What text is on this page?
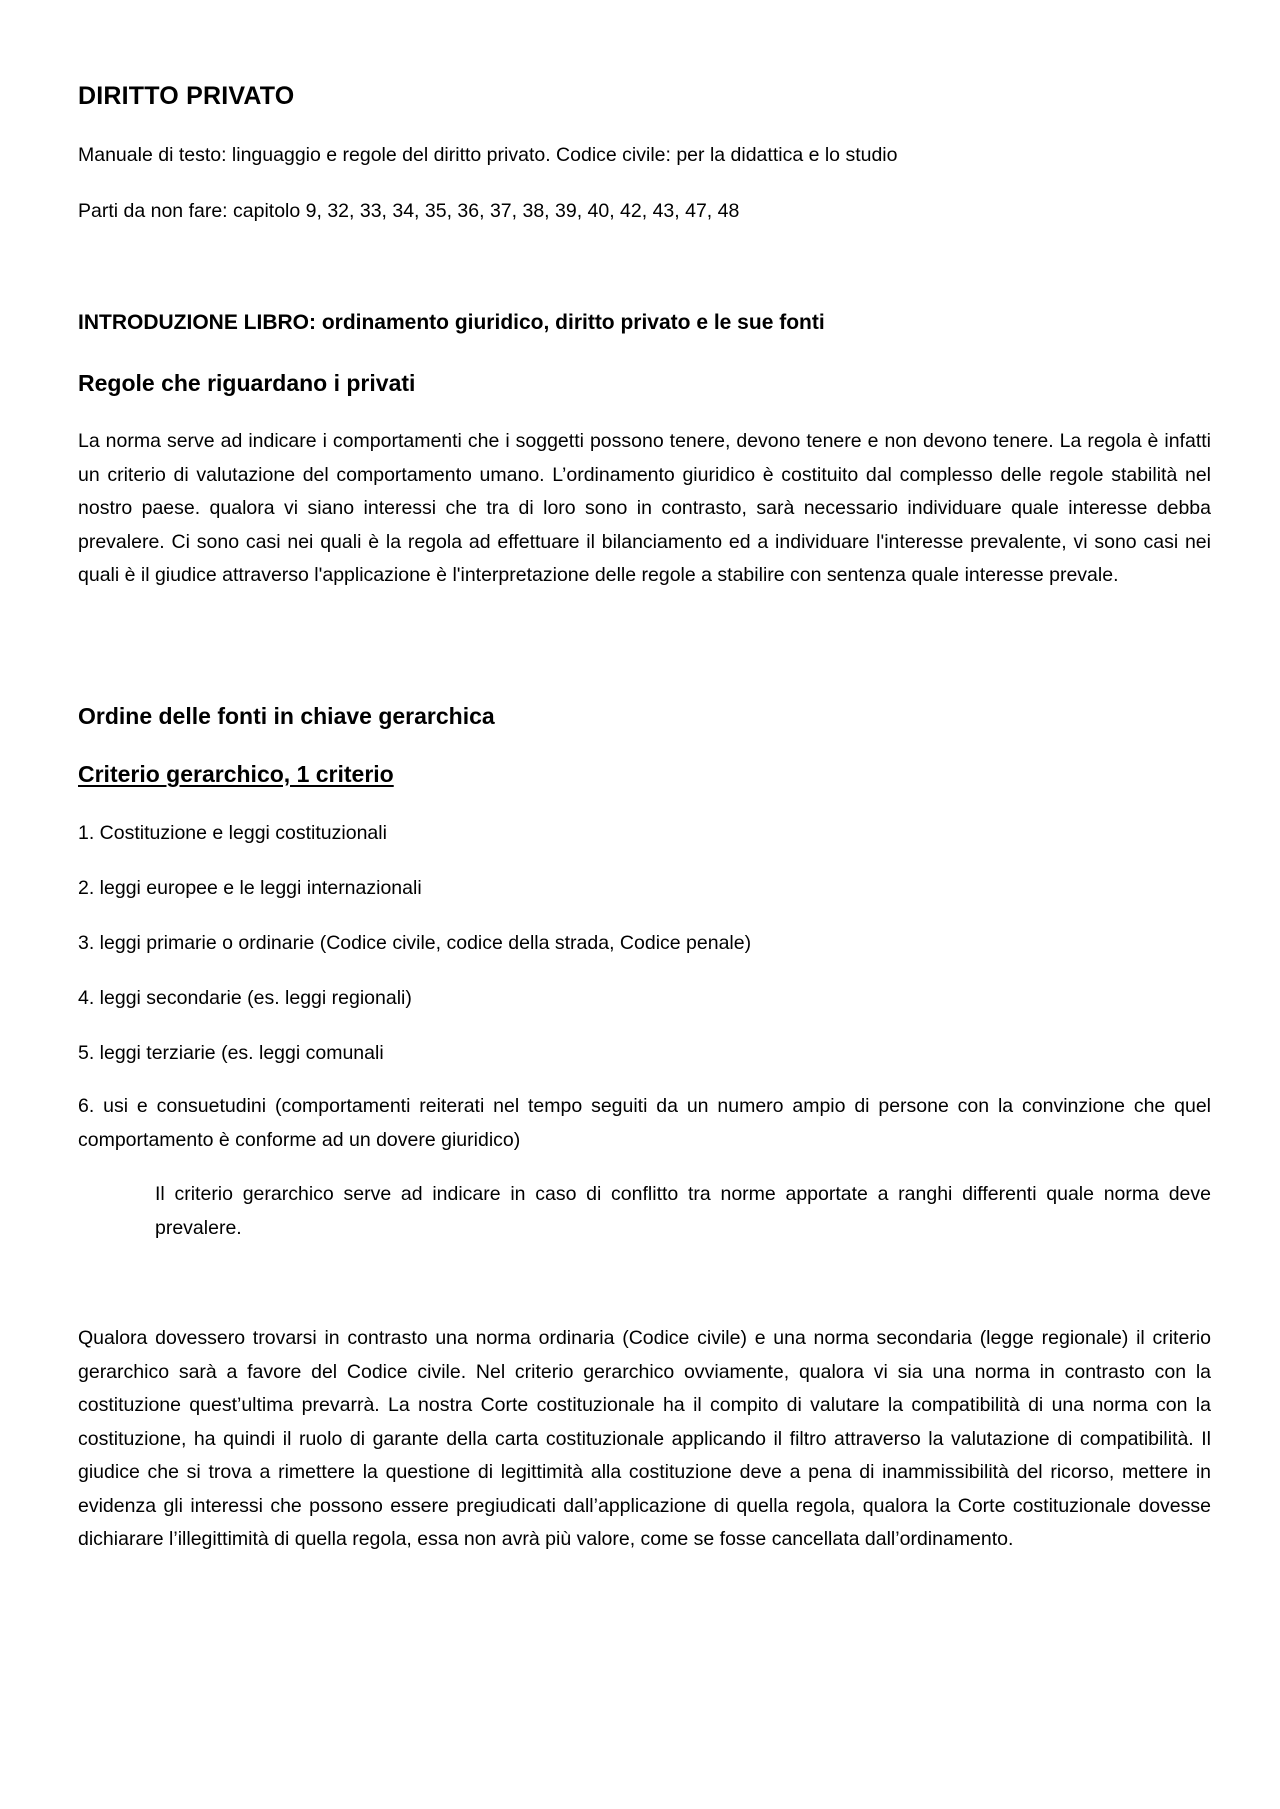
DIRITTO PRIVATO

Manuale di testo: linguaggio e regole del diritto privato. Codice civile: per la didattica e lo studio

Parti da non fare: capitolo 9, 32, 33, 34, 35, 36, 37, 38, 39, 40, 42, 43, 47, 48

INTRODUZIONE LIBRO: ordinamento giuridico, diritto privato e le sue fonti
Regole che riguardano i privati

La norma serve ad indicare i comportamenti che i soggetti possono tenere, devono tenere e non devono tenere. La regola è infatti un criterio di valutazione del comportamento umano. L’ordinamento giuridico è costituito dal complesso delle regole stabilità nel nostro paese. qualora vi siano interessi che tra di loro sono in contrasto, sarà necessario individuare quale interesse debba prevalere. Ci sono casi nei quali è la regola ad effettuare il bilanciamento ed a individuare l'interesse prevalente, vi sono casi nei quali è il giudice attraverso l'applicazione è l'interpretazione delle regole a stabilire con sentenza quale interesse prevale.

Ordine delle fonti in chiave gerarchica
Criterio gerarchico, 1 criterio

1. Costituzione e leggi costituzionali

2. leggi europee e le leggi internazionali

3. leggi primarie o ordinarie (Codice civile, codice della strada, Codice penale)

4. leggi secondarie (es. leggi regionali)

5. leggi terziarie (es. leggi comunali

6. usi e consuetudini (comportamenti reiterati nel tempo seguiti da un numero ampio di persone con la convinzione che quel comportamento è conforme ad un dovere giuridico)

Il criterio gerarchico serve ad indicare in caso di conflitto tra norme apportate a ranghi differenti quale norma deve prevalere.

Qualora dovessero trovarsi in contrasto una norma ordinaria (Codice civile) e una norma secondaria (legge regionale) il criterio gerarchico sarà a favore del Codice civile. Nel criterio gerarchico ovviamente, qualora vi sia una norma in contrasto con la costituzione quest’ultima prevarrà. La nostra Corte costituzionale ha il compito di valutare la compatibilità di una norma con la costituzione, ha quindi il ruolo di garante della carta costituzionale applicando il filtro attraverso la valutazione di compatibilità. Il giudice che si trova a rimettere la questione di legittimità alla costituzione deve a pena di inammissibilità del ricorso, mettere in evidenza gli interessi che possono essere pregiudicati dall’applicazione di quella regola, qualora la Corte costituzionale dovesse dichiarare l’illegittimità di quella regola, essa non avrà più valore, come se fosse cancellata dall’ordinamento.
